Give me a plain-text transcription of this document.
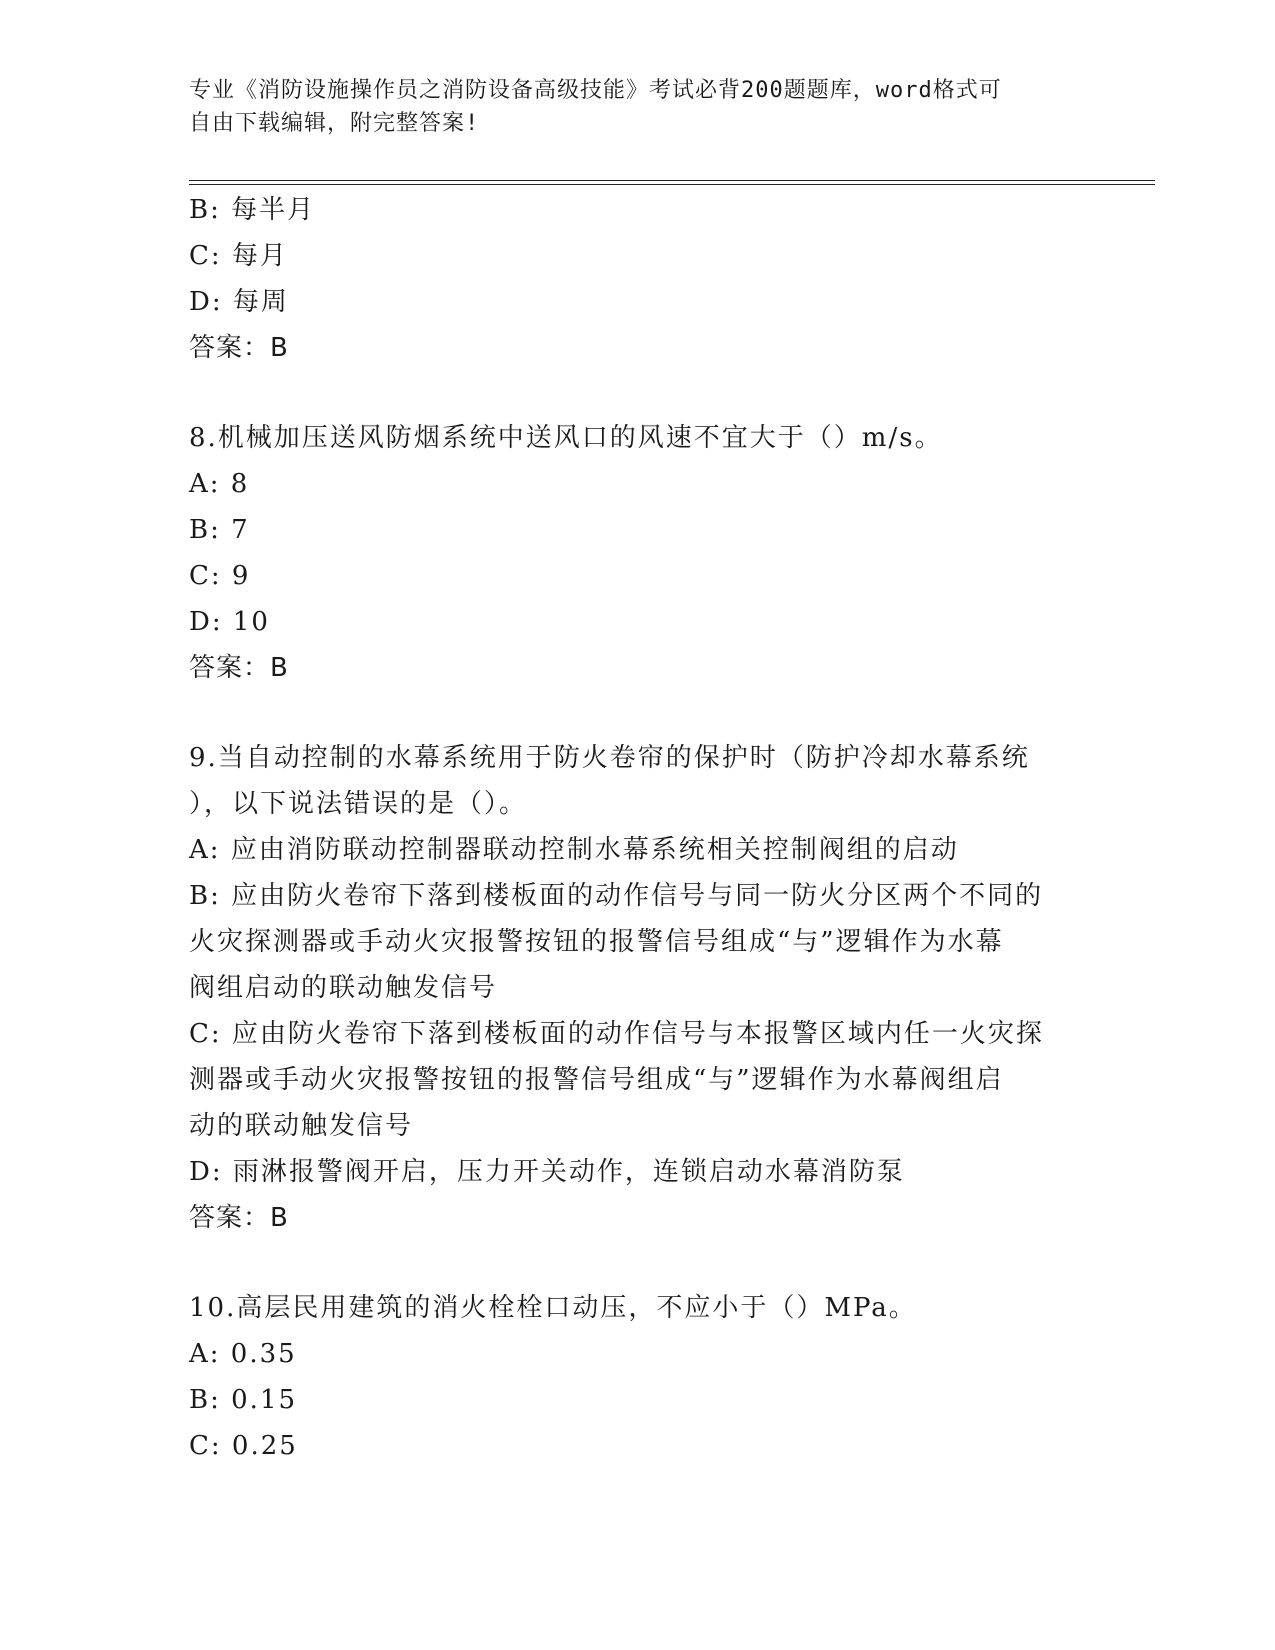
专业《消防设施操作员之消防设备高级技能》考试必背200题题库，word格式可
自由下载编辑，附完整答案!
B: 每半月
C: 每月
D: 每周
答案：B
8.机械加压送风防烟系统中送风口的风速不宜大于（）m/s。
A: 8
B: 7
C: 9
D: 10
答案：B
9.当自动控制的水幕系统用于防火卷帘的保护时（防护冷却水幕系统
），以下说法错误的是（）。
A: 应由消防联动控制器联动控制水幕系统相关控制阀组的启动
B: 应由防火卷帘下落到楼板面的动作信号与同一防火分区两个不同的
火灾探测器或手动火灾报警按钮的报警信号组成“与”逻辑作为水幕
阀组启动的联动触发信号
C: 应由防火卷帘下落到楼板面的动作信号与本报警区域内任一火灾探
测器或手动火灾报警按钮的报警信号组成“与”逻辑作为水幕阀组启
动的联动触发信号
D: 雨淋报警阀开启，压力开关动作，连锁启动水幕消防泵
答案：B
10.高层民用建筑的消火栓栓口动压，不应小于（）MPa。
A: 0.35
B: 0.15
C: 0.25
